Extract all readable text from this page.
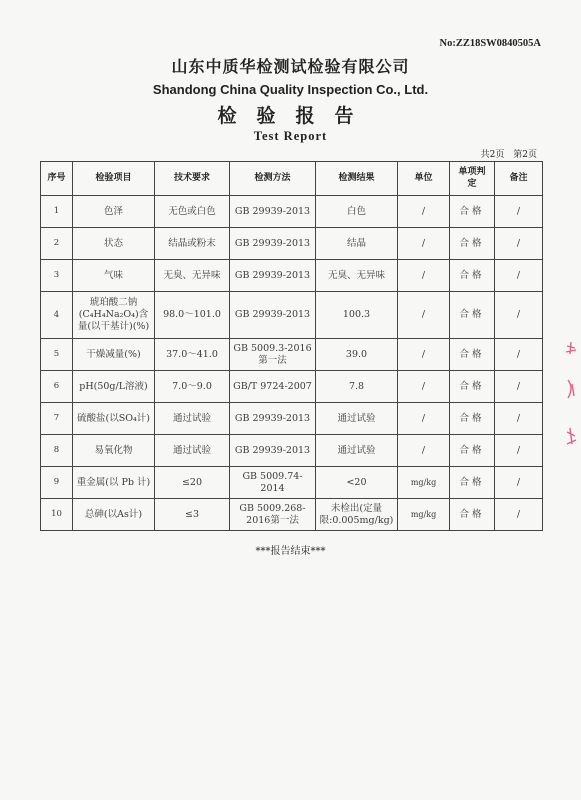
No:ZZ18SW0840505A
山东中质华检测试检验有限公司
Shandong China Quality Inspection Co., Ltd.
检验报告
Test Report
共2页 第2页
序号	检验项目	技术要求	检测方法	检测结果	单位	单项判定	备注
1	色泽	无色或白色	GB 29939-2013	白色	/	合格	/
2	状态	结晶或粉末	GB 29939-2013	结晶	/	合格	/
3	气味	无臭、无异味	GB 29939-2013	无臭、无异味	/	合格	/
4	琥珀酸二钠(C₄H₄Na₂O₄)含量(以干基计)(%)	98.0～101.0	GB 29939-2013	100.3	/	合格	/
5	干燥减量(%)	37.0～41.0	GB 5009.3-2016第一法	39.0	/	合格	/
6	pH(50g/L溶液)	7.0～9.0	GB/T 9724-2007	7.8	/	合格	/
7	硫酸盐(以SO₄计)	通过试验	GB 29939-2013	通过试验	/	合格	/
8	易氧化物	通过试验	GB 29939-2013	通过试验	/	合格	/
9	重金属(以 Pb 计)	≤20	GB 5009.74-2014	<20	mg/kg	合格	/
10	总砷(以As计)	≤3	GB 5009.268-2016第一法	未检出(定量限:0.005mg/kg)	mg/kg	合格	/
***报告结束***
